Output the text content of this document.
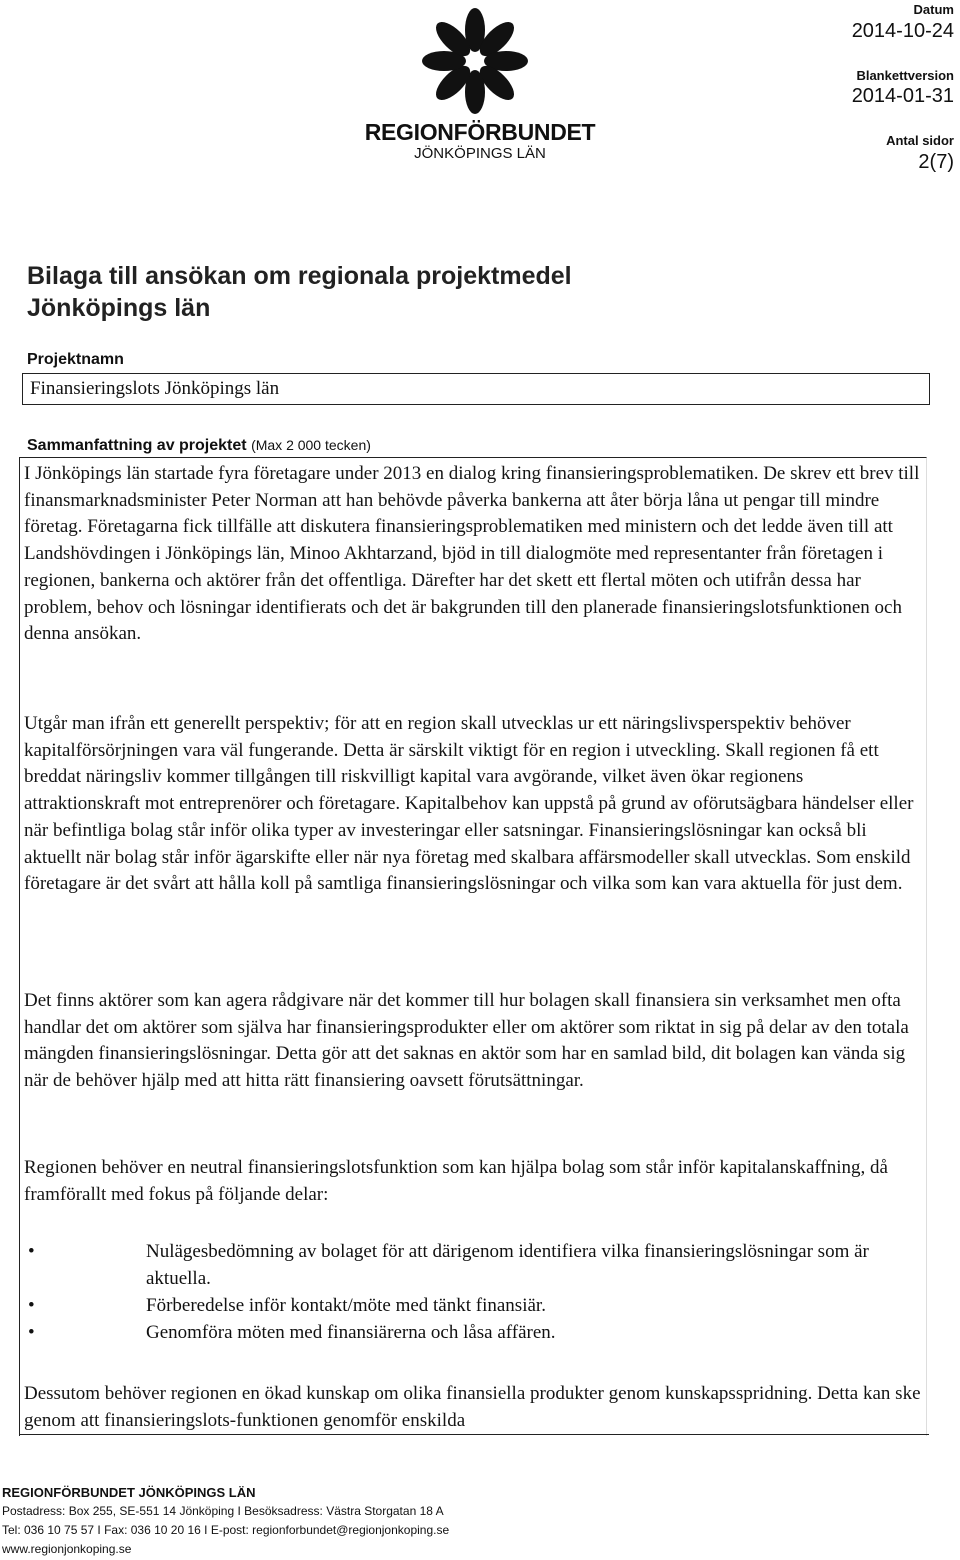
REGIONFÖRBUNDET
JÖNKÖPINGS LÄN
Datum
2014-10-24
Blankettversion
2014-01-31
Antal sidor
2(7)
Bilaga till ansökan om regionala projektmedel
Jönköpings län
Projektnamn
Finansieringslots Jönköpings län
Sammanfattning av projektet (Max 2 000 tecken)
I Jönköpings län startade fyra företagare under 2013 en dialog kring finansieringsproblematiken. De skrev ett brev till finansmarknadsminister Peter Norman att han behövde påverka bankerna att åter börja låna ut pengar till mindre företag. Företagarna fick tillfälle att diskutera finansieringsproblematiken med ministern och det ledde även till att Landshövdingen i Jönköpings län, Minoo Akhtarzand, bjöd in till dialogmöte med representanter från företagen i regionen, bankerna och aktörer från det offentliga. Därefter har det skett ett flertal möten och utifrån dessa har problem, behov och lösningar identifierats och det är bakgrunden till den planerade finansieringslotsfunktionen och denna ansökan.
Utgår man ifrån ett generellt perspektiv; för att en region skall utvecklas ur ett näringslivsperspektiv behöver kapitalförsörjningen vara väl fungerande. Detta är särskilt viktigt för en region i utveckling. Skall regionen få ett breddat näringsliv kommer tillgången till riskvilligt kapital vara avgörande, vilket även ökar regionens attraktionskraft mot entreprenörer och företagare. Kapitalbehov kan uppstå på grund av oförutsägbara händelser eller när befintliga bolag står inför olika typer av investeringar eller satsningar. Finansieringslösningar kan också bli aktuellt när bolag står inför ägarskifte eller när nya företag med skalbara affärsmodeller skall utvecklas. Som enskild företagare är det svårt att hålla koll på samtliga finansieringslösningar och vilka som kan vara aktuella för just dem.
Det finns aktörer som kan agera rådgivare när det kommer till hur bolagen skall finansiera sin verksamhet men ofta handlar det om aktörer som själva har finansieringsprodukter eller om aktörer som riktat in sig på delar av den totala mängden finansieringslösningar. Detta gör att det saknas en aktör som har en samlad bild, dit bolagen kan vända sig när de behöver hjälp med att hitta rätt finansiering oavsett förutsättningar.
Regionen behöver en neutral finansieringslotsfunktion som kan hjälpa bolag som står inför kapitalanskaffning, då framförallt med fokus på följande delar:
•	Nulägesbedömning av bolaget för att därigenom identifiera vilka finansieringslösningar som är aktuella.
•	Förberedelse inför kontakt/möte med tänkt finansiär.
•	Genomföra möten med finansiärerna och låsa affären.
Dessutom behöver regionen en ökad kunskap om olika finansiella produkter genom kunskapsspridning. Detta kan ske genom att finansieringslots-funktionen genomför enskilda
REGIONFÖRBUNDET JÖNKÖPINGS LÄN
Postadress: Box 255, SE-551 14 Jönköping I Besöksadress: Västra Storgatan 18 A
Tel: 036 10 75 57 I Fax: 036 10 20 16 I E-post: regionforbundet@regionjonkoping.se
www.regionjonkoping.se
